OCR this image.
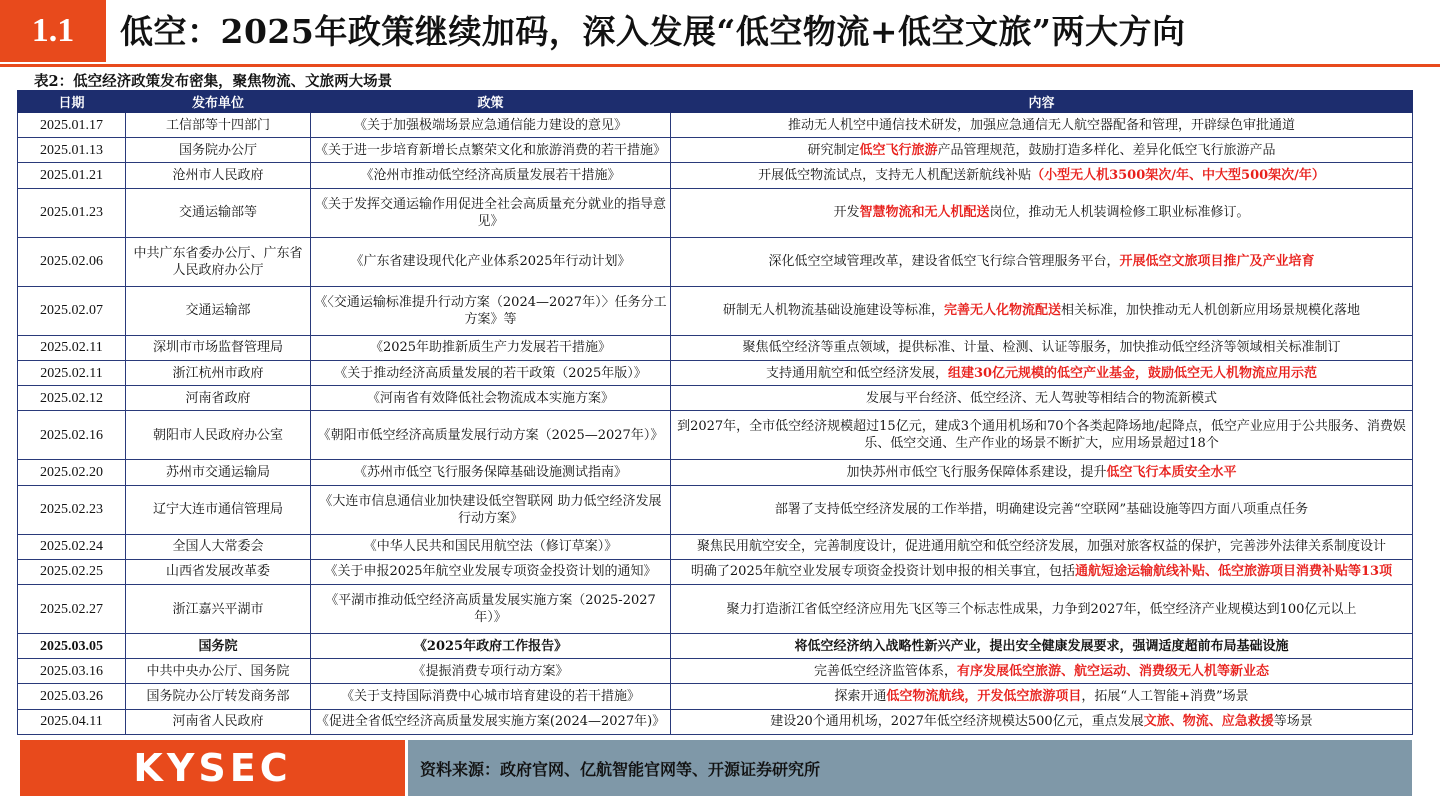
1.1	低空：2025年政策继续加码，深入发展“低空物流+低空文旅”两大方向
表2：低空经济政策发布密集，聚焦物流、文旅两大场景
日期	发布单位	政策	内容
2025.01.17	工信部等十四部门	《关于加强极端场景应急通信能力建设的意见》	推动无人机空中通信技术研发，加强应急通信无人航空器配备和管理，开辟绿色审批通道
2025.01.13	国务院办公厅	《关于进一步培育新增长点繁荣文化和旅游消费的若干措施》	研究制定低空飞行旅游产品管理规范，鼓励打造多样化、差异化低空飞行旅游产品
2025.01.21	沧州市人民政府	《沧州市推动低空经济高质量发展若干措施》	开展低空物流试点，支持无人机配送新航线补贴（小型无人机3500架次/年、中大型500架次/年）
2025.01.23	交通运输部等	《关于发挥交通运输作用促进全社会高质量充分就业的指导意见》	开发智慧物流和无人机配送岗位，推动无人机装调检修工职业标准修订。
2025.02.06	中共广东省委办公厅、广东省人民政府办公厅	《广东省建设现代化产业体系2025年行动计划》	深化低空空域管理改革，建设省低空飞行综合管理服务平台，开展低空文旅项目推广及产业培育
2025.02.07	交通运输部	《〈交通运输标准提升行动方案（2024—2027年）〉任务分工方案》等	研制无人机物流基础设施建设等标准，完善无人化物流配送相关标准，加快推动无人机创新应用场景规模化落地
2025.02.11	深圳市市场监督管理局	《2025年助推新质生产力发展若干措施》	聚焦低空经济等重点领域，提供标准、计量、检测、认证等服务，加快推动低空经济等领域相关标准制订
2025.02.11	浙江杭州市政府	《关于推动经济高质量发展的若干政策（2025年版）》	支持通用航空和低空经济发展，组建30亿元规模的低空产业基金，鼓励低空无人机物流应用示范
2025.02.12	河南省政府	《河南省有效降低社会物流成本实施方案》	发展与平台经济、低空经济、无人驾驶等相结合的物流新模式
2025.02.16	朝阳市人民政府办公室	《朝阳市低空经济高质量发展行动方案（2025—2027年）》	到2027年，全市低空经济规模超过15亿元，建成3个通用机场和70个各类起降场地/起降点，低空产业应用于公共服务、消费娱乐、低空交通、生产作业的场景不断扩大，应用场景超过18个
2025.02.20	苏州市交通运输局	《苏州市低空飞行服务保障基础设施测试指南》	加快苏州市低空飞行服务保障体系建设，提升低空飞行本质安全水平
2025.02.23	辽宁大连市通信管理局	《大连市信息通信业加快建设低空智联网 助力低空经济发展行动方案》	部署了支持低空经济发展的工作举措，明确建设完善“空联网”基础设施等四方面八项重点任务
2025.02.24	全国人大常委会	《中华人民共和国民用航空法（修订草案）》	聚焦民用航空安全，完善制度设计，促进通用航空和低空经济发展，加强对旅客权益的保护，完善涉外法律关系制度设计
2025.02.25	山西省发展改革委	《关于申报2025年航空业发展专项资金投资计划的通知》	明确了2025年航空业发展专项资金投资计划申报的相关事宜，包括通航短途运输航线补贴、低空旅游项目消费补贴等13项
2025.02.27	浙江嘉兴平湖市	《平湖市推动低空经济高质量发展实施方案（2025-2027年）》	聚力打造浙江省低空经济应用先飞区等三个标志性成果，力争到2027年，低空经济产业规模达到100亿元以上
2025.03.05	国务院	《2025年政府工作报告》	将低空经济纳入战略性新兴产业，提出安全健康发展要求，强调适度超前布局基础设施
2025.03.16	中共中央办公厅、国务院	《提振消费专项行动方案》	完善低空经济监管体系，有序发展低空旅游、航空运动、消费级无人机等新业态
2025.03.26	国务院办公厅转发商务部	《关于支持国际消费中心城市培育建设的若干措施》	探索开通低空物流航线，开发低空旅游项目，拓展“人工智能+消费”场景
2025.04.11	河南省人民政府	《促进全省低空经济高质量发展实施方案(2024—2027年)》	建设20个通用机场，2027年低空经济规模达500亿元，重点发展文旅、物流、应急救援等场景
KYSEC	资料来源：政府官网、亿航智能官网等、开源证券研究所
